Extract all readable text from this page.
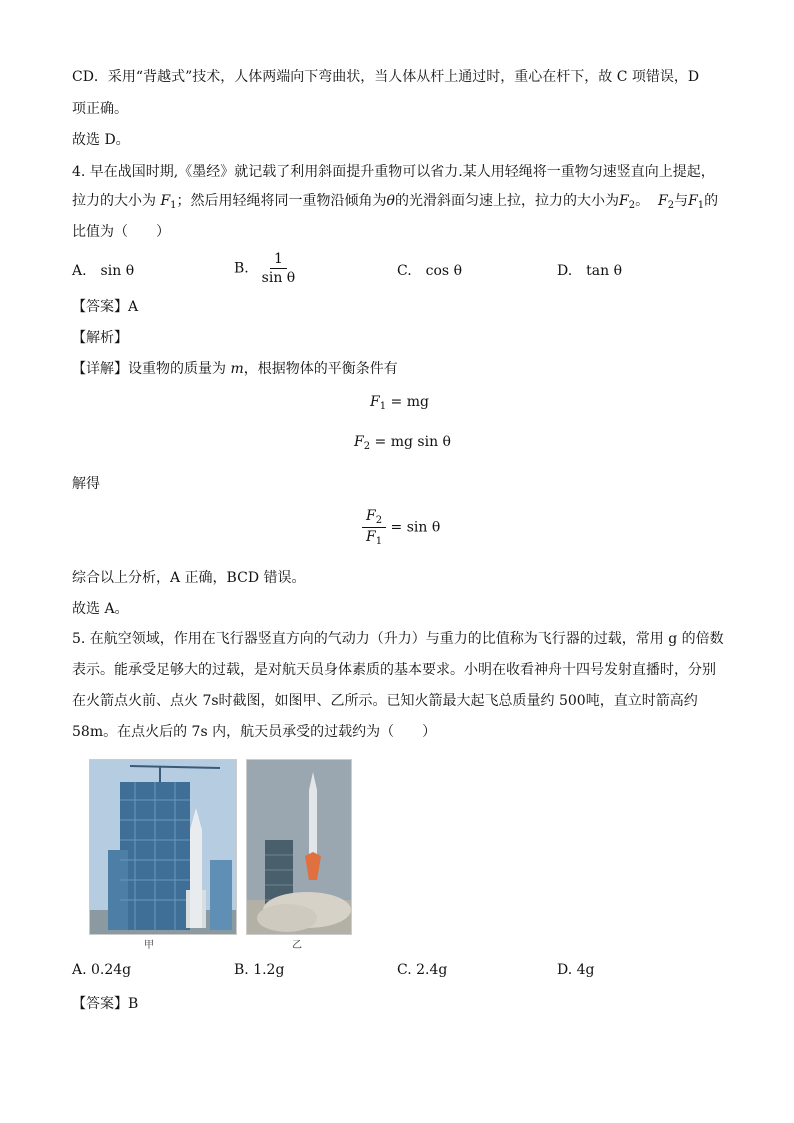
CD．采用“背越式”技术，人体两端向下弯曲状，当人体从杆上通过时，重心在杆下，故 C 项错误，D
项正确。
故选 D。
4. 早在战国时期,《墨经》就记载了利用斜面提升重物可以省力.某人用轻绳将一重物匀速竖直向上提起，
拉力的大小为 $F_1$；然后用轻绳将同一重物沿倾角为θ的光滑斜面匀速上拉，拉力的大小为$F_2$。 $F_2$与$F_1$的
比值为（　　）
A.　sin θ	B. $\frac{1}{\text{sin θ}}$	C.　cos θ	D.　tan θ
【答案】A
【解析】
【详解】设重物的质量为 m，根据物体的平衡条件有
$F_1$ = mg
$F_2$ = mg sin θ
解得
$\frac{F_2}{F_1} = \sin \theta$
综合以上分析，A 正确，BCD 错误。
故选 A。
5. 在航空领域，作用在飞行器竖直方向的气动力（升力）与重力的比值称为飞行器的过载，常用 g 的倍数
表示。能承受足够大的过载，是对航天员身体素质的基本要求。小明在收看神舟十四号发射直播时，分别
在火箭点火前、点火 7s时截图，如图甲、乙所示。已知火箭最大起飞总质量约 500吨，直立时箭高约
58m。在点火后的 7s 内，航天员承受的过载约为（　　）
甲	乙
A. 0.24g	B. 1.2g	C. 2.4g	D. 4g
【答案】B
